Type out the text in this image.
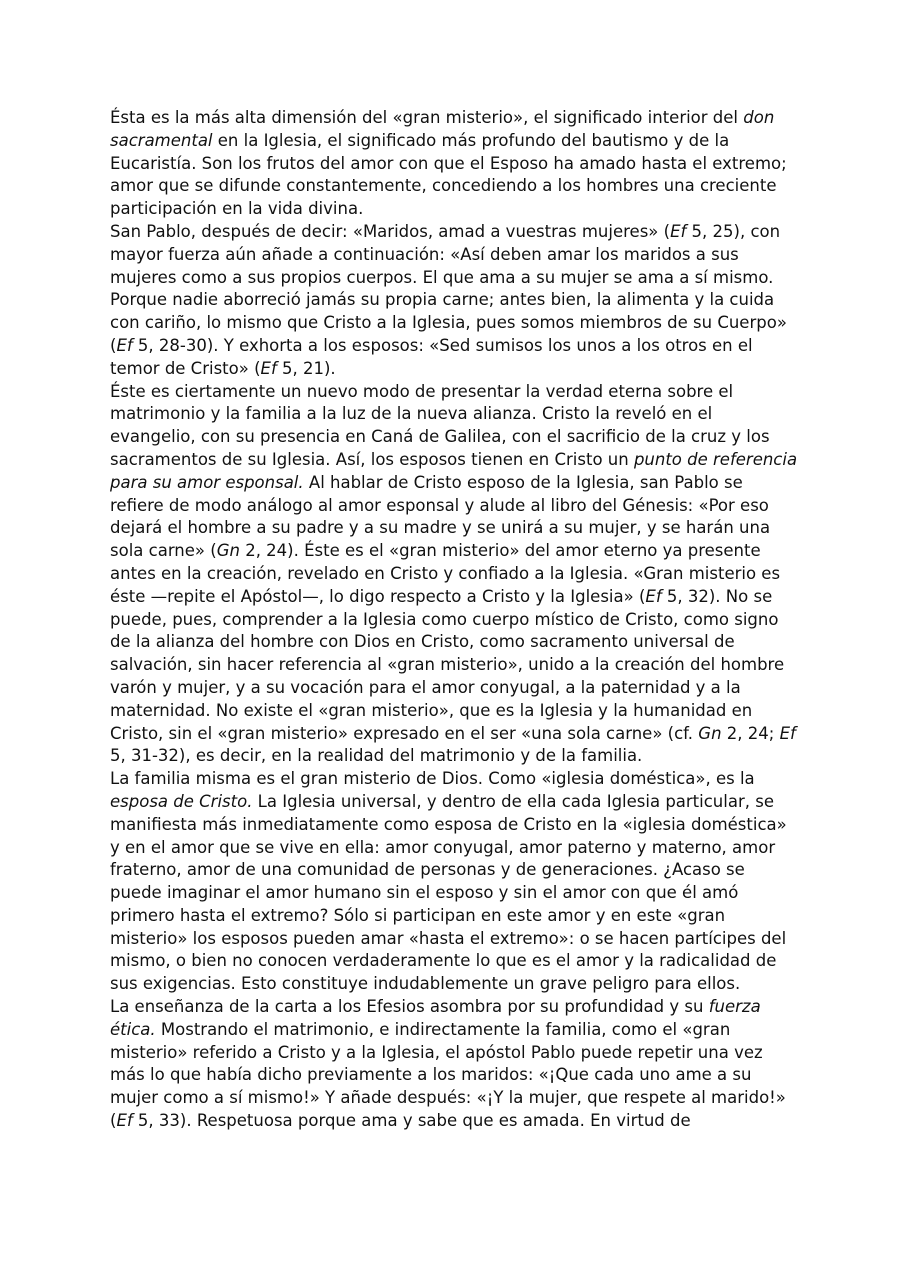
Ésta es la más alta dimensión del «gran misterio», el significado interior del don sacramental en la Iglesia, el significado más profundo del bautismo y de la Eucaristía. Son los frutos del amor con que el Esposo ha amado hasta el extremo; amor que se difunde constantemente, concediendo a los hombres una creciente participación en la vida divina.

San Pablo, después de decir: «Maridos, amad a vuestras mujeres» (Ef 5, 25), con mayor fuerza aún añade a continuación: «Así deben amar los maridos a sus mujeres como a sus propios cuerpos. El que ama a su mujer se ama a sí mismo. Porque nadie aborreció jamás su propia carne; antes bien, la alimenta y la cuida con cariño, lo mismo que Cristo a la Iglesia, pues somos miembros de su Cuerpo» (Ef 5, 28-30). Y exhorta a los esposos: «Sed sumisos los unos a los otros en el temor de Cristo» (Ef 5, 21).

Éste es ciertamente un nuevo modo de presentar la verdad eterna sobre el matrimonio y la familia a la luz de la nueva alianza. Cristo la reveló en el evangelio, con su presencia en Caná de Galilea, con el sacrificio de la cruz y los sacramentos de su Iglesia. Así, los esposos tienen en Cristo un punto de referencia para su amor esponsal. Al hablar de Cristo esposo de la Iglesia, san Pablo se refiere de modo análogo al amor esponsal y alude al libro del Génesis: «Por eso dejará el hombre a su padre y a su madre y se unirá a su mujer, y se harán una sola carne» (Gn 2, 24). Éste es el «gran misterio» del amor eterno ya presente antes en la creación, revelado en Cristo y confiado a la Iglesia. «Gran misterio es éste —repite el Apóstol—, lo digo respecto a Cristo y la Iglesia» (Ef 5, 32). No se puede, pues, comprender a la Iglesia como cuerpo místico de Cristo, como signo de la alianza del hombre con Dios en Cristo, como sacramento universal de salvación, sin hacer referencia al «gran misterio», unido a la creación del hombre varón y mujer, y a su vocación para el amor conyugal, a la paternidad y a la maternidad. No existe el «gran misterio», que es la Iglesia y la humanidad en Cristo, sin el «gran misterio» expresado en el ser «una sola carne» (cf. Gn 2, 24; Ef 5, 31-32), es decir, en la realidad del matrimonio y de la familia.

La familia misma es el gran misterio de Dios. Como «iglesia doméstica», es la esposa de Cristo. La Iglesia universal, y dentro de ella cada Iglesia particular, se manifiesta más inmediatamente como esposa de Cristo en la «iglesia doméstica» y en el amor que se vive en ella: amor conyugal, amor paterno y materno, amor fraterno, amor de una comunidad de personas y de generaciones. ¿Acaso se puede imaginar el amor humano sin el esposo y sin el amor con que él amó primero hasta el extremo? Sólo si participan en este amor y en este «gran misterio» los esposos pueden amar «hasta el extremo»: o se hacen partícipes del mismo, o bien no conocen verdaderamente lo que es el amor y la radicalidad de sus exigencias. Esto constituye indudablemente un grave peligro para ellos.

La enseñanza de la carta a los Efesios asombra por su profundidad y su fuerza ética. Mostrando el matrimonio, e indirectamente la familia, como el «gran misterio» referido a Cristo y a la Iglesia, el apóstol Pablo puede repetir una vez más lo que había dicho previamente a los maridos: «¡Que cada uno ame a su mujer como a sí mismo!» Y añade después: «¡Y la mujer, que respete al marido!» (Ef 5, 33). Respetuosa porque ama y sabe que es amada. En virtud de
